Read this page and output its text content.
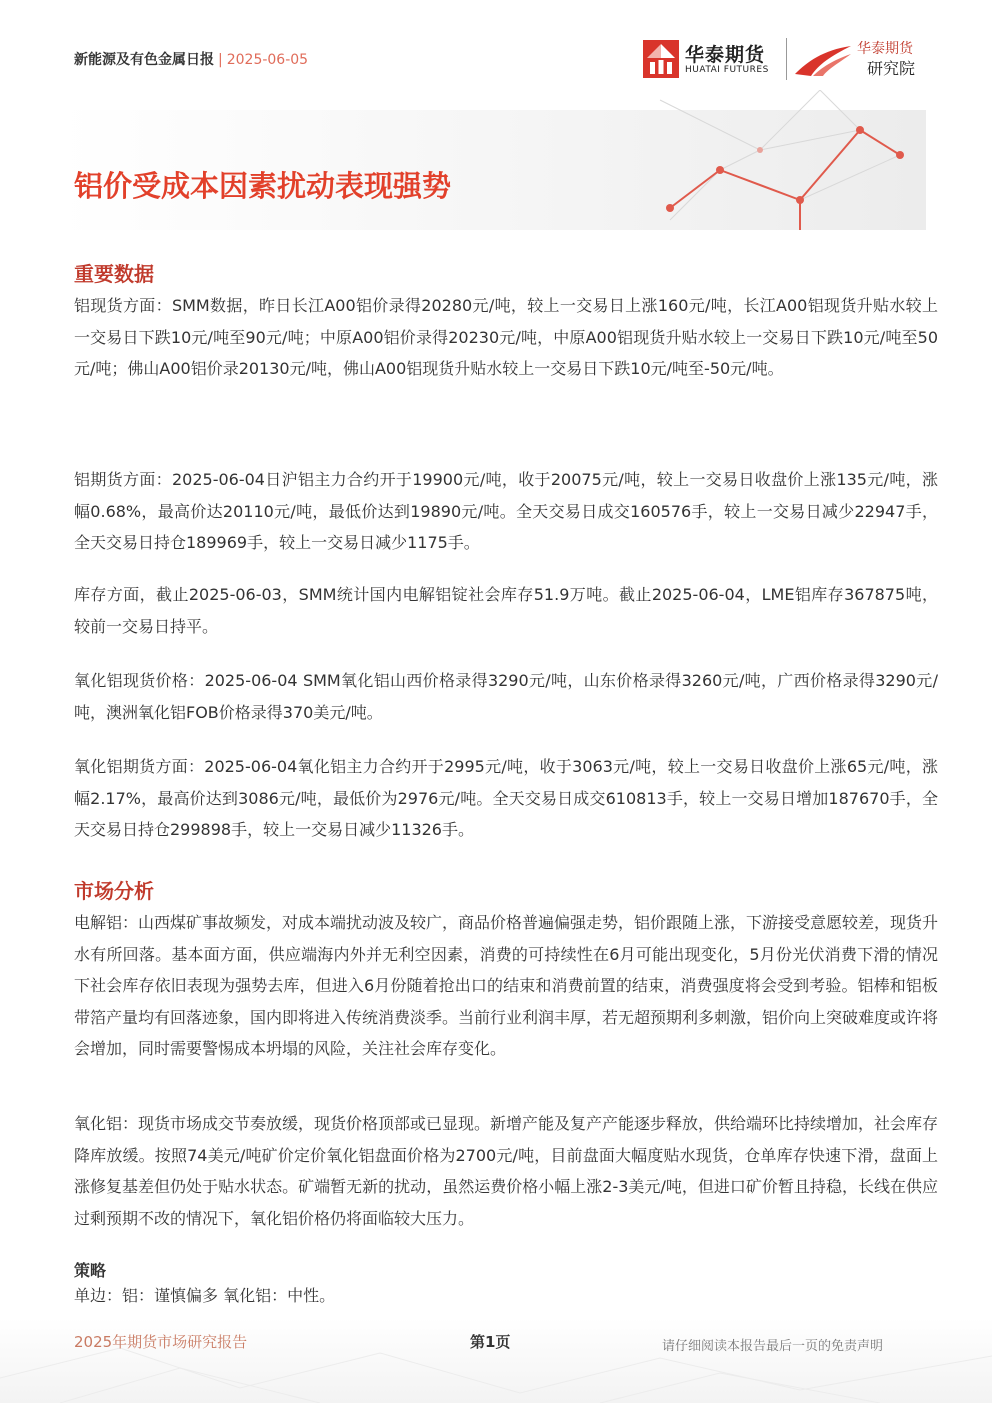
新能源及有色金属日报 | 2025-06-05	华泰期货
HUATAI FUTURES
华泰期货
研究院
铝价受成本因素扰动表现强势
重要数据

铝现货方面：SMM数据，昨日长江A00铝价录得20280元/吨，较上一交易日上涨160元/吨，长江A00铝现货升贴水较上一交易日下跌10元/吨至90元/吨；中原A00铝价录得20230元/吨，中原A00铝现货升贴水较上一交易日下跌10元/吨至50元/吨；佛山A00铝价录20130元/吨，佛山A00铝现货升贴水较上一交易日下跌10元/吨至-50元/吨。

铝期货方面：2025-06-04日沪铝主力合约开于19900元/吨，收于20075元/吨，较上一交易日收盘价上涨135元/吨，涨幅0.68%，最高价达20110元/吨，最低价达到19890元/吨。全天交易日成交160576手，较上一交易日减少22947手，全天交易日持仓189969手，较上一交易日减少1175手。

库存方面，截止2025-06-03，SMM统计国内电解铝锭社会库存51.9万吨。截止2025-06-04，LME铝库存367875吨，较前一交易日持平。

氧化铝现货价格：2025-06-04 SMM氧化铝山西价格录得3290元/吨，山东价格录得3260元/吨，广西价格录得3290元/吨，澳洲氧化铝FOB价格录得370美元/吨。

氧化铝期货方面：2025-06-04氧化铝主力合约开于2995元/吨，收于3063元/吨，较上一交易日收盘价上涨65元/吨，涨幅2.17%，最高价达到3086元/吨，最低价为2976元/吨。全天交易日成交610813手，较上一交易日增加187670手，全天交易日持仓299898手，较上一交易日减少11326手。

市场分析

电解铝：山西煤矿事故频发，对成本端扰动波及较广，商品价格普遍偏强走势，铝价跟随上涨，下游接受意愿较差，现货升水有所回落。基本面方面，供应端海内外并无利空因素，消费的可持续性在6月可能出现变化，5月份光伏消费下滑的情况下社会库存依旧表现为强势去库，但进入6月份随着抢出口的结束和消费前置的结束，消费强度将会受到考验。铝棒和铝板带箔产量均有回落迹象，国内即将进入传统消费淡季。当前行业利润丰厚，若无超预期利多刺激，铝价向上突破难度或许将会增加，同时需要警惕成本坍塌的风险，关注社会库存变化。

氧化铝：现货市场成交节奏放缓，现货价格顶部或已显现。新增产能及复产产能逐步释放，供给端环比持续增加，社会库存降库放缓。按照74美元/吨矿价定价氧化铝盘面价格为2700元/吨，目前盘面大幅度贴水现货，仓单库存快速下滑，盘面上涨修复基差但仍处于贴水状态。矿端暂无新的扰动，虽然运费价格小幅上涨2-3美元/吨，但进口矿价暂且持稳，长线在供应过剩预期不改的情况下，氧化铝价格仍将面临较大压力。

策略
单边：铝：谨慎偏多 氧化铝：中性。
2025年期货市场研究报告	第1页	请仔细阅读本报告最后一页的免责声明
